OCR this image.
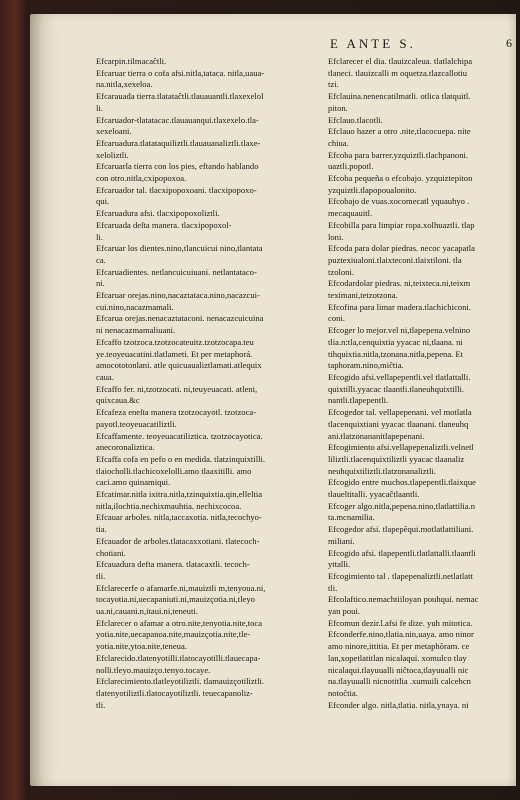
E ANTE S.	6

Efcarpin.tilmacaĉtli.

Efcaruar tierra o cofa afsi.nitla,tataca. nitla,uaua-
na.nitla,xexeloa.

Efcarauada tierra.tlatataĉtli.tlauauantli.tlaxexelol
li.

Efcaruador-tlatatacac.tlauauanqui.tlaxexelo.tla-
xexeloani.

Efcaruadura.tlatataquiliztli.tlauauanaliztli.tlaxe-
xeloliztli.

Efcaruarla tierra con los pies, eftando hablando
con otro.nitla,cxipopoxoa.

Efcaruador tal. tlacxipopoxoani. tlacxipopoxo-
qui.

Efcaruadura afsi. tlacxipopoxoliztli.

Efcaruada deſta manera. tlacxipopoxol-
li.

Efcaruar los dientes.nino,tlancuicui nino,tlantata
ca.

Efcaruadientes. netlancuicuiuani. netlantataco-
ni.

Efcaruar orejas.nino,nacaztataca.nino,nacazcui-
cui.nino,nacazmamali.

Efcarua orejas.nenacaztataconi. nenacazcuicuina
ni nenacazmamaliuani.

Efcaffo tzotzoca.tzotzocateuitz.tzotzocapa.teu
ye.teoyeuacatini.tlatlameti. Et per metaphorá.
amocototonlani. atle quicuaualiztlamati.atlequix
caua.

Efcaffo fer. ni,tzotzocati. ni,teuyeuacati. atleni,
quixcaua.&c

Efcafeza eneſta manera tzotzocayotl. tzotzoca-
payotl.teoyeuacatiliztli.

Efcaffamente. teoyeuacatiliztica. tzotzocayotica.
anecoronaliztica.

Efcaffa cofa en pefo o en medida. tlatzinquixtilli.
tlaiocholli.tlachicoxelolli.amo tlaaxitilli. amo
caci.amo quinamiqui.

Efcatimar.nitla ixitra.nitla,tzinquixtia.qin,elleltia
nitla,ilochtia.nechixmauhtia. nechixcocoa.

Efcauar arboles. nitla,taccaxotia. nitla,tecochyo-
tia.

Efcauador de arboles.tlatacaxxotiani. tlatecoch-
chotiani.

Efcauadura defta manera. tlatacaxtli. tecoch-
tli.

Efclarecerfe o afamarfe.ni,mauiztli m,tenyoua.ni,
tocayotia.ni,uecapaniuti.ni,mauizçotia.ni,tleyo
ua.ni,cauani.n,itaui.ni,teneuti.

Efclarecer o afamar a otro.nite,tenyotia.nite,toca
yotia.nite,uecapanoa.nite,mauizçotia.nite,tle-
yotia.nite,ytoa.nite,teneua.

Efclarecido.tlatenyotilli.tlatocayotilli.tlauecapa-
nolli.tleyo.mauizço.tenyo.tocaye.

Efclarecimiento.tlatleyotiliztli. tlamauizçotiliztli.
tlatenyotiliztli.tlatocayotiliztli. teuecapanoliz-
tli.

Efclarecer el dia. tlauizcaleua. tlatlalchipa
tlaneci. tlauizcalli m oquetza.tlazcallotiu
tzi.

Efclauina.nenencatilmatli. otlica tlatquitl.
piton.

Efclauo.tlacotli.

Efclauo hazer a otro .nite,tlacocuepa. nite
chiua.

Efcoba para barrer.yzquiztli.tlachpanoni.
uaztli.popotl.

Efcoba pequeña o efcobajo. yzquiztepiton
yzquiztli.tlapopoualonito.

Efcobajo de vuas.xocomecatl yquauhyo .
mecaquauitl.

Efcobilla para limpiar ropa.xolhuaztli. tlap
loni.

Efcoda para dolar piedras. necoc yacapatla
puztexiualoni.tlaixteconi.tlaixtiloni. tla
tzoloni.

Efcodardolar piedras. ni,teixteca.ni,teixm
teximani,tetzotzona.

Efcofina para limar madera.tlachichiconi.
coni.

Efcoger lo mejor.vel ni,tlapepena.velnino
tlia.n:tla,cenquixtia yyacac ni,tlaana. ni
tihquixtia.nitla,tzonana.nitla,pepena. Et
taphoram.nino,miĉtia.

Efcogido afsi.vellapepentli.vel tlatlattalli.
quixtilli.yyacac tlaantli.tlaneuhquixtilli.
nantli.tlapepentli.

Efcogedor tal. vellapepenani. vel motlatla
tlacenquixtiani yyacac tlaanani. tlaneuhq
ani.tlatzonananitlapepenani.

Efcogimiento afsi.vellapepenaliztli.velnetl
liliztli.tlacenquixtiliztli yyacac tlaanaliz
neuhquixtiliztli.tlatzonanaliztli.

Efcogido entre muchos.tlapepentli.tlaixque
tlaueltitalli. yyacaĉtlaantli.

Efcoger algo.nitla,pepena.nino,tlatlattilia.n
ta.mcnamilia.

Efcogedor afsi. tlapepēqui.motlatlattiliani.
miliani.

Efcogido afsi. tlapepentli.tlatlattalli.tlaantli
yttalli.

Efcogimiento tal . tlapepenaliztli.netlatlatt
tli.

Efcolaftico.nemachtiiloyan pouhqui. nemac
yan poui.

Efcomun dezir.l.afsi fe dize. yuh mitotica.

Efconderfe.nino,tlatia.nin,uaya. amo ninor
amo ninore,ittitia. Et per metaphōram. ce
lan,xopetlatitlan nicalaqui. xomulco tlay
nicalaqui.tlayuualli niĉtoca,tlayuualli nic
na.tlayuualli nicnotitlia .xumuili calcehcn
notoĉtia.

Efconder algo. nitla,tlatia. nitla,ynaya. ni
